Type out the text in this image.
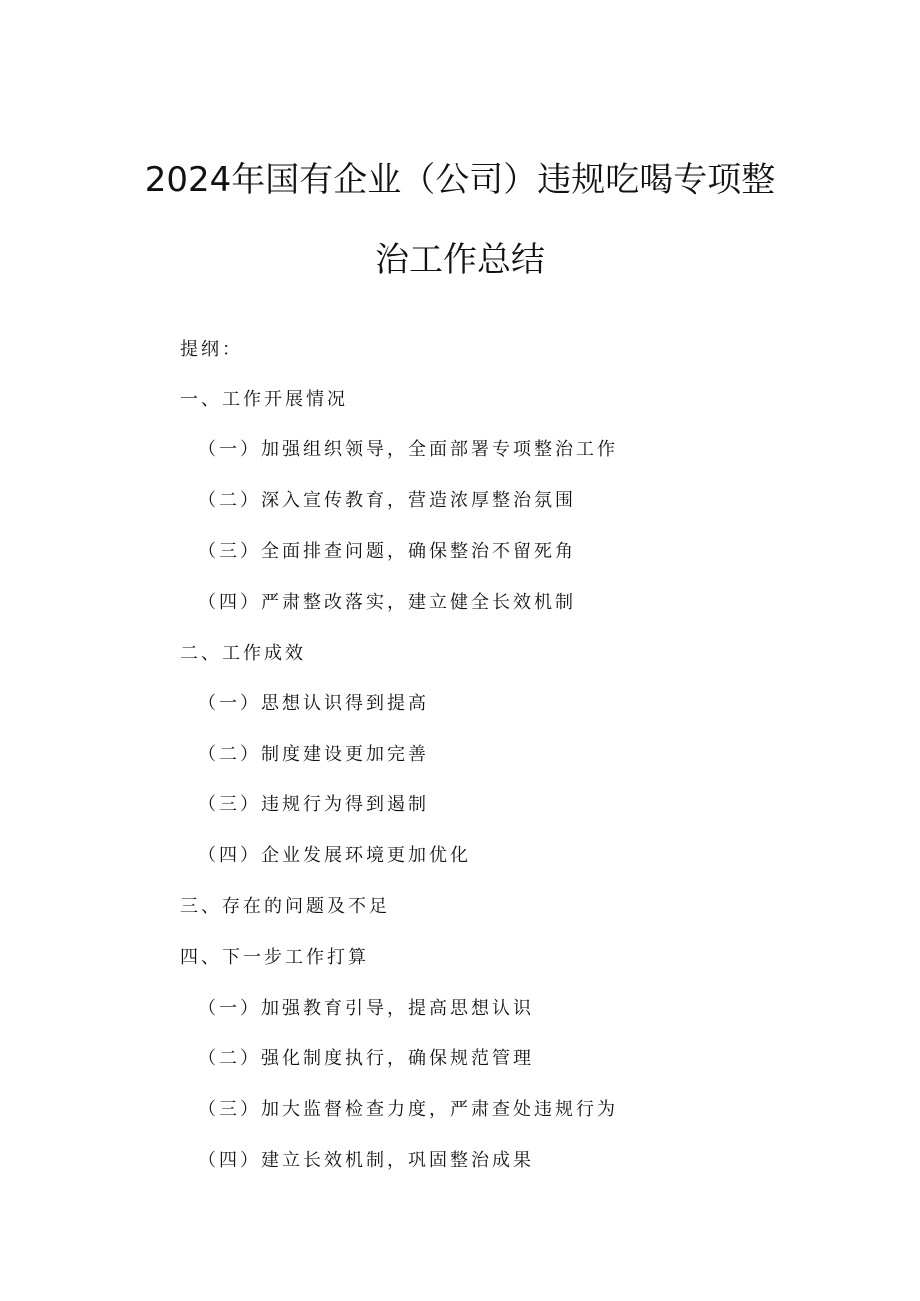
2024年国有企业（公司）违规吃喝专项整
治工作总结
提纲：
一、工作开展情况
（一）加强组织领导，全面部署专项整治工作
（二）深入宣传教育，营造浓厚整治氛围
（三）全面排查问题，确保整治不留死角
（四）严肃整改落实，建立健全长效机制
二、工作成效
（一）思想认识得到提高
（二）制度建设更加完善
（三）违规行为得到遏制
（四）企业发展环境更加优化
三、存在的问题及不足
四、下一步工作打算
（一）加强教育引导，提高思想认识
（二）强化制度执行，确保规范管理
（三）加大监督检查力度，严肃查处违规行为
（四）建立长效机制，巩固整治成果
